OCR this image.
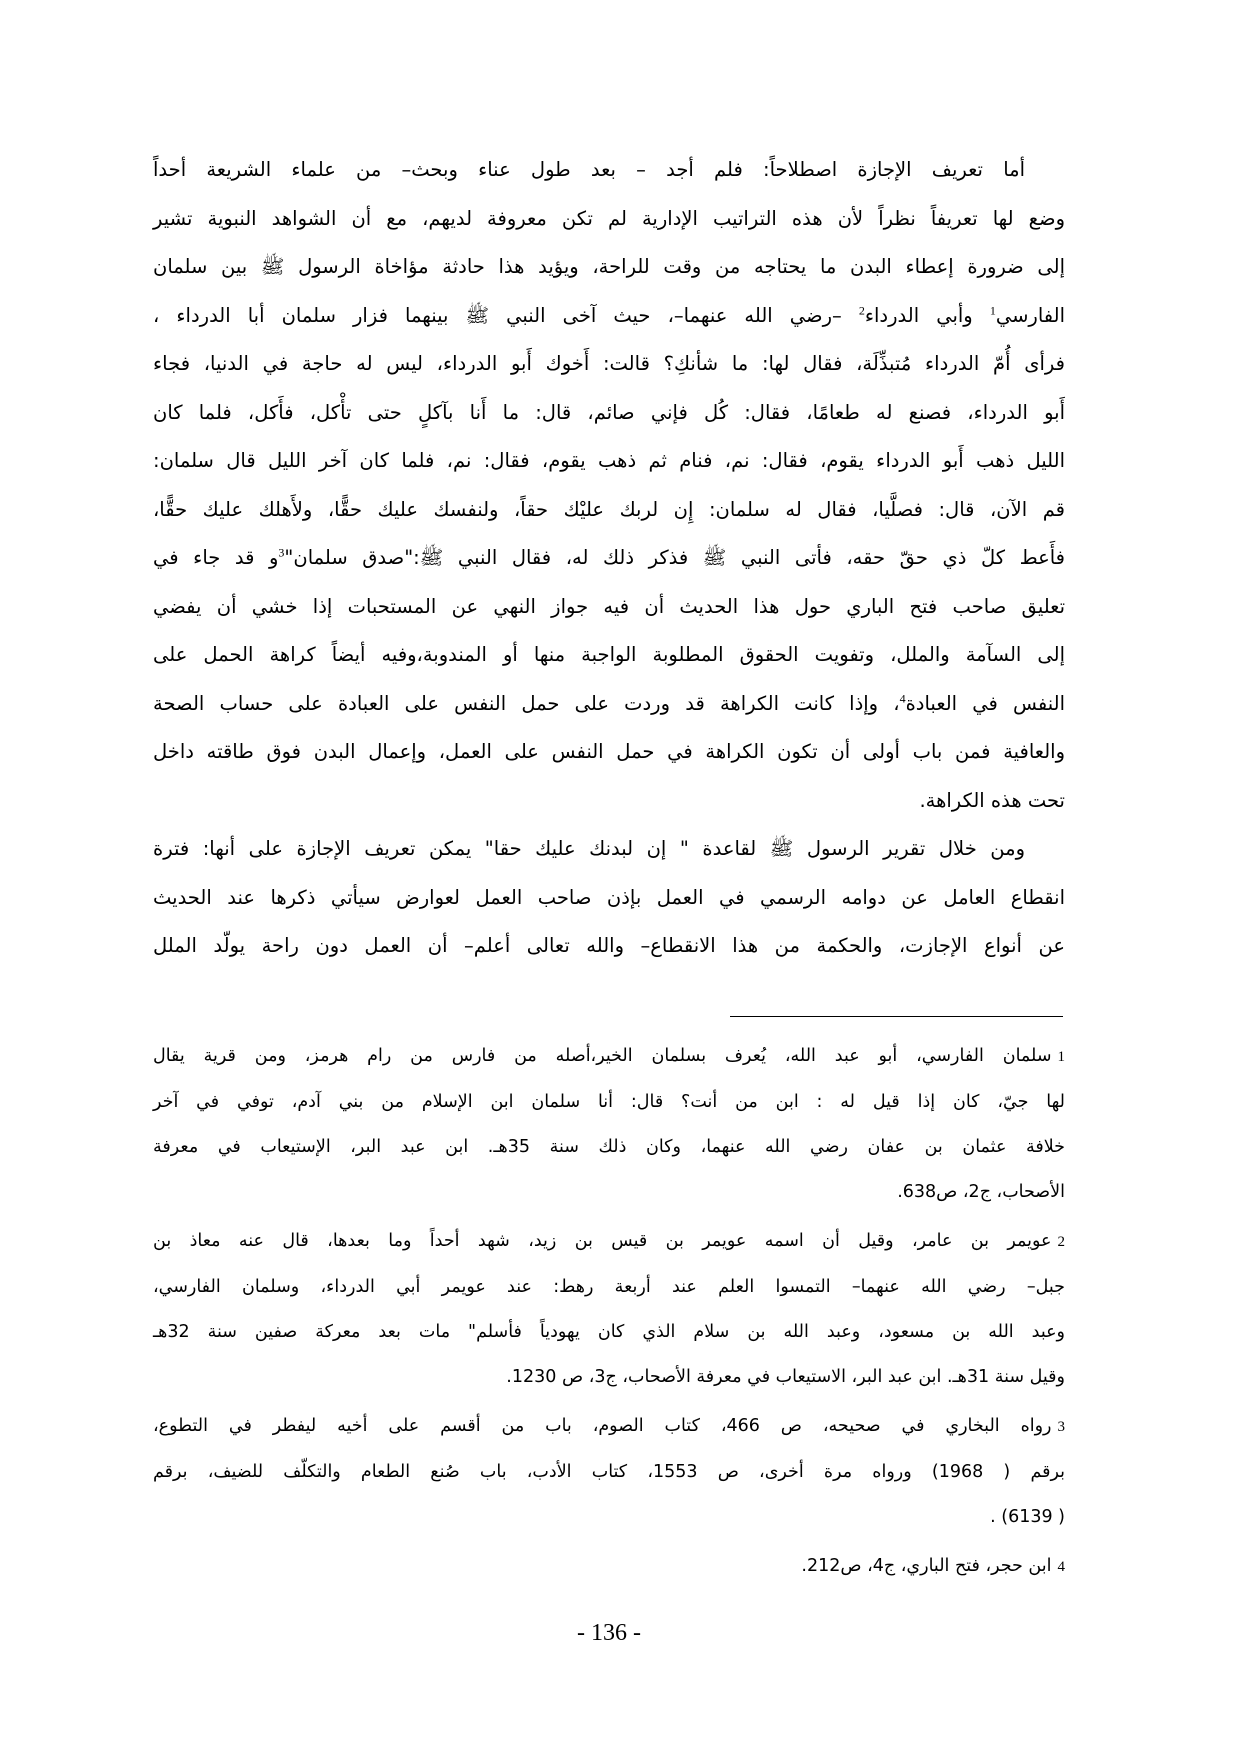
أما تعريف الإجازة اصطلاحاً: فلم أجد – بعد طول عناء وبحث– من علماء الشريعة أحداً
وضع لها تعريفاً نظراً لأن هذه التراتيب الإدارية لم تكن معروفة لديهم، مع أن الشواهد النبوية تشير
إلى ضرورة إعطاء البدن ما يحتاجه من وقت للراحة، ويؤيد هذا حادثة مؤاخاة الرسول ﷺ بين سلمان
الفارسي$^1$ وأبي الدرداء$^2$ –رضي الله عنهما–، حيث آخى النبي ﷺ بينهما فزار سلمان أبا الدرداء ،
فرأى أُمّ الدرداء مُتبذِّلَة، فقال لها: ما شأنكِ؟ قالت: أَخوك أَبو الدرداء، ليس له حاجة في الدنيا، فجاء
أَبو الدرداء، فصنع له طعامًا، فقال: كُل فإني صائم، قال: ما أَنا بآكلٍ حتى تأْكل، فأَكل، فلما كان
الليل ذهب أَبو الدرداء يقوم، فقال: نم، فنام ثم ذهب يقوم، فقال: نم، فلما كان آخر الليل قال سلمان:
قم الآن، قال: فصلَّيا، فقال له سلمان: إِن لربك عليْك حقاً، ولنفسك عليك حقًّا، ولأَهلك عليك حقًّا،
فأَعط كلّ ذي حقّ حقه، فأتى النبي ﷺ فذكر ذلك له، فقال النبي ﷺ:"صدق سلمان"$^3$و قد جاء في
تعليق صاحب فتح الباري حول هذا الحديث أن فيه جواز النهي عن المستحبات إذا خشي أن يفضي
إلى السآمة والملل، وتفويت الحقوق المطلوبة الواجبة منها أو المندوبة،وفيه أيضاً كراهة الحمل على
النفس في العبادة$^4$، وإذا كانت الكراهة قد وردت على حمل النفس على العبادة على حساب الصحة
والعافية فمن باب أولى أن تكون الكراهة في حمل النفس على العمل، وإعمال البدن فوق طاقته داخل
تحت هذه الكراهة.
ومن خلال تقرير الرسول ﷺ لقاعدة " إن لبدنك عليك حقا" يمكن تعريف الإجازة على أنها: فترة
انقطاع العامل عن دوامه الرسمي في العمل بإذن صاحب العمل لعوارض سيأتي ذكرها عند الحديث
عن أنواع الإجازت، والحكمة من هذا الانقطاع– والله تعالى أعلم– أن العمل دون راحة يولّد الملل
1سلمان الفارسي، أبو عبد الله، يُعرف بسلمان الخير،أصله من فارس من رام هرمز، ومن قرية يقال
لها جيّ، كان إذا قيل له : ابن من أنت؟ قال: أنا سلمان ابن الإسلام من بني آدم، توفي في آخر
خلافة عثمان بن عفان رضي الله عنهما، وكان ذلك سنة 35هـ. ابن عبد البر، الإستيعاب في معرفة
الأصحاب، ج2، ص638.
2عويمر بن عامر، وقيل أن اسمه عويمر بن قيس بن زيد، شهد أحداً وما بعدها، قال عنه معاذ بن
جبل– رضي الله عنهما– التمسوا العلم عند أربعة رهط: عند عويمر أبي الدرداء، وسلمان الفارسي،
وعبد الله بن مسعود، وعبد الله بن سلام الذي كان يهودياً فأسلم" مات بعد معركة صفين سنة 32هـ
وقيل سنة 31هـ. ابن عبد البر، الاستيعاب في معرفة الأصحاب، ج3، ص 1230.
3رواه البخاري في صحيحه، ص 466، كتاب الصوم، باب من أقسم على أخيه ليفطر في التطوع،
برقم ( 1968) ورواه مرة أخرى، ص 1553، كتاب الأدب، باب صُنع الطعام والتكلّف للضيف، برقم
( 6139) .
4ابن حجر، فتح الباري، ج4، ص212.
- 136 -
